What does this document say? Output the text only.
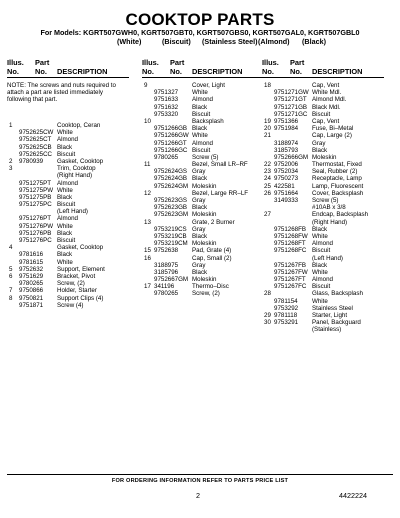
COOKTOP PARTS
For Models: KGRT507GWH0, KGRT507GBT0, KGRT507GBS0, KGRT507GAL0, KGRT507GBL0
(White)	(Biscuit) (Stainless Steel) (Almond) (Black)
Illus.
No.
Part
No. DESCRIPTION
NOTE: The screws and nuts required to attach a part are listed immediately following that part.
1	Cooktop, Ceran
9752625CW White
9752625CT Almond
9752625CB Black
9752625CC Biscuit
2 9780939 Gasket, Cooktop
3	Trim, Cooktop
(Right Hand)
9751275PT Almond
9751275PW White
9751275PB Black
9751275PC Biscuit
(Left Hand)
9751276PT Almond
9751276PW White
9751276PB Black
9751276PC Biscuit
4	Gasket, Cooktop
9781616 Black
9781615 White
5 9752632 Support, Element
6 9751629 Bracket, Pivot
9780265 Screw, (2)
7 9750866 Holder, Starter
8 9750821 Support Clips (4)
9751871 Screw (4)
Illus.
No.
Part
No. DESCRIPTION
9	Cover, Light
9751327 White
9751633 Almond
9751632 Black
9753320 Biscuit
10	Backsplash
9751266GB Black
9751266GW White
9751266GT Almond
9751266GC Biscuit
9780265 Screw (5)
11	Bezel, Small LR–RF
9752624GS Gray
9752624GB Black
9752624GM Moleskin
12	Bezel, Large RR–LF
9752623GS Gray
9752623GB Black
9752623GM Moleskin
13	Grate, 2 Burner
9753219CS Gray
9753219CB Black
9753219CM Moleskin
15 9752638 Pad, Grate (4)
16	Cap, Small (2)
3188975 Gray
3185796 Black
9752667GM Moleskin
17 341196	Thermo–Disc
9780265 Screw, (2)
Illus.
No.
Part
No. DESCRIPTION
18	Cap, Vent
9751271GW White Mdl.
9751271GT Almond Mdl.
9751271GB Black Mdl.
9751271GC Biscuit
19 9751366 Cap, Vent
20 9751984 Fuse, Bi–Metal
21	Cap, Large (2)
3188974 Gray
3185793 Black
9752666GM Moleskin
22 9752006 Thermostat, Fixed
23 9752034 Seal, Rubber (2)
24 9750273 Receptacle, Lamp
25 422581	Lamp, Fluorescent
26 9751664 Cover, Backsplash
3149333 Screw (5)
#10AB x 3/8
27	Endcap, Backsplash
(Right Hand)
9751268FB Black
9751268FW White
9751268FT Almond
9751268FC Biscuit
(Left Hand)
9751267FB Black
9751267FW White
9751267FT Almond
9751267FC Biscuit
28	Glass, Backsplash
9781154 White
9753292 Stainless Steel
29 9781118 Starter, Light
30 9753291 Panel, Backguard
(Stainless)
FOR ORDERING INFORMATION REFER TO PARTS PRICE LIST
2	4422224
